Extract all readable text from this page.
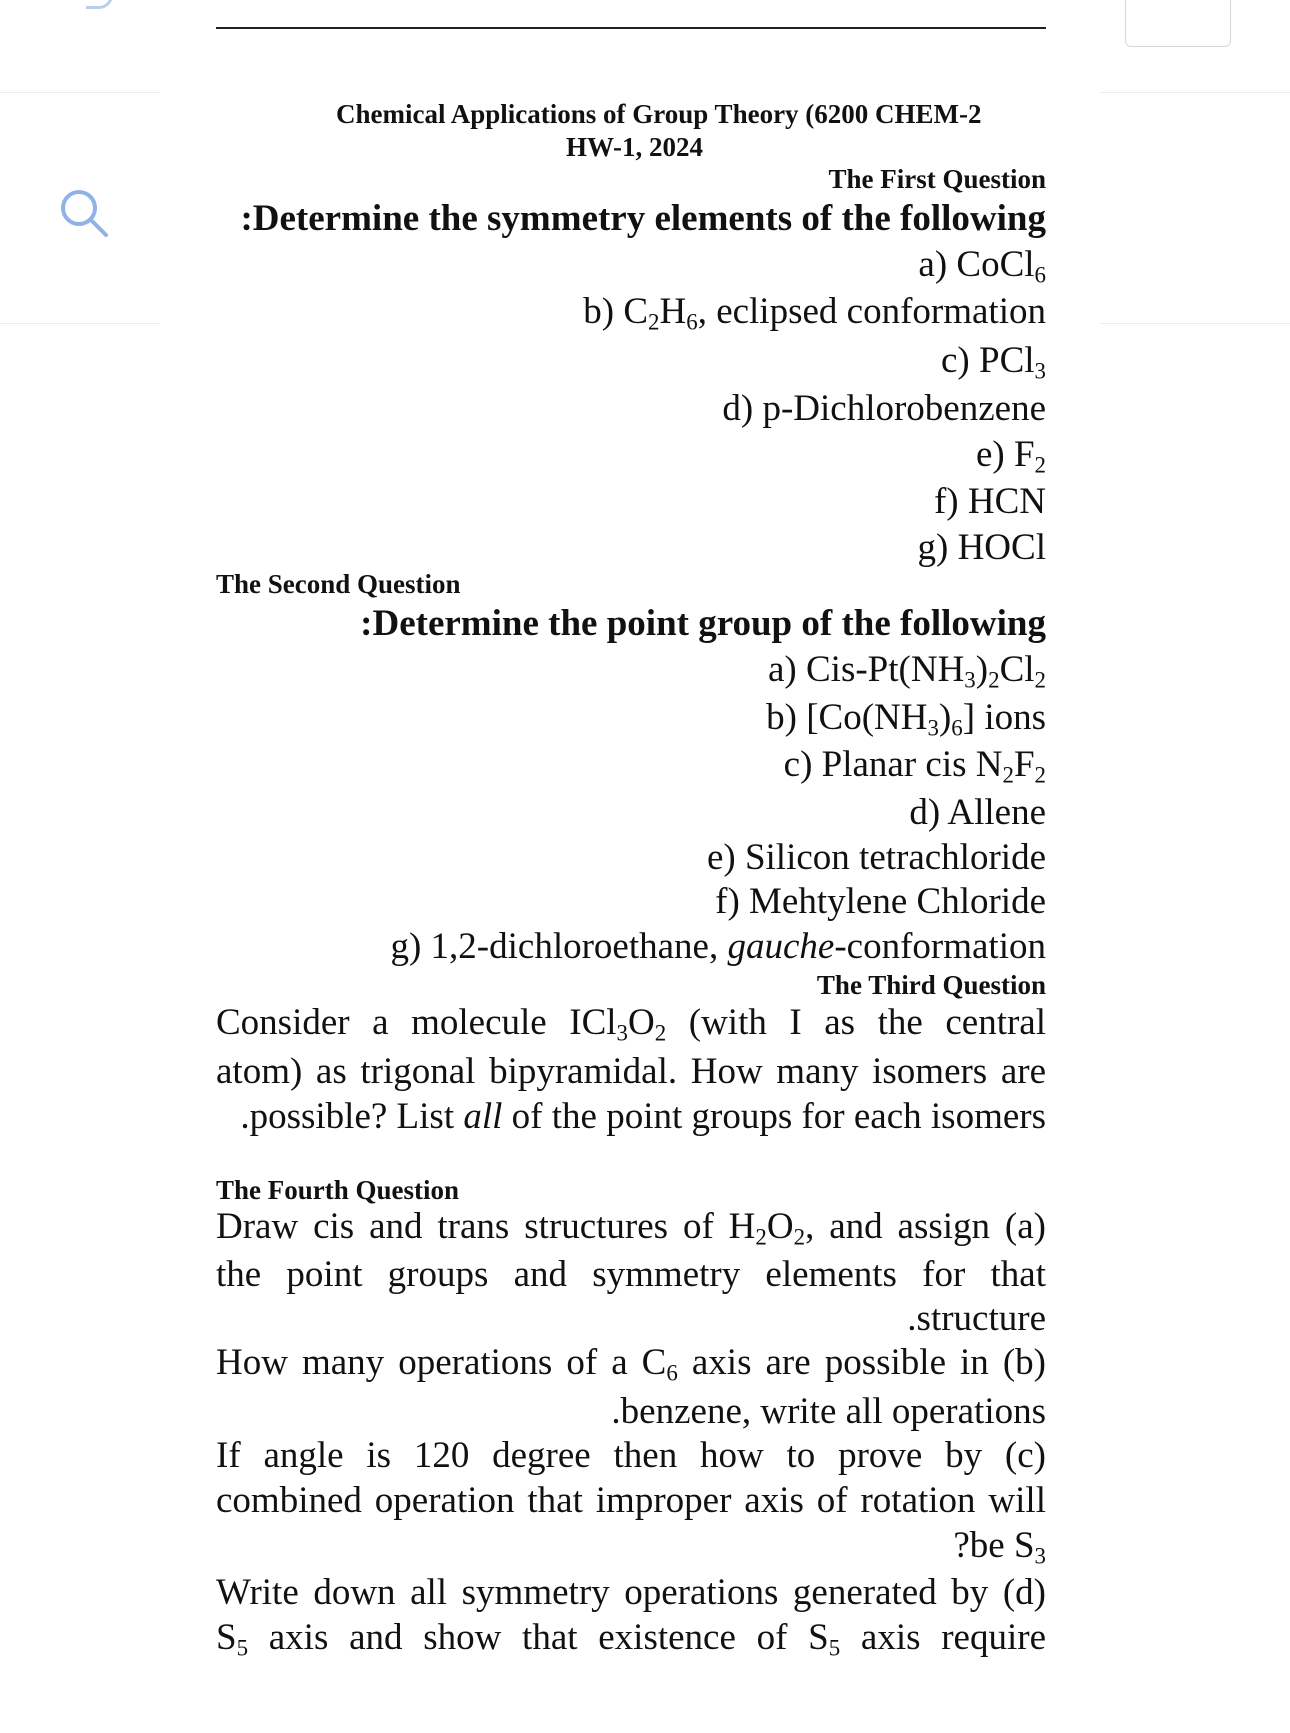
Chemical Applications of Group Theory (6200 CHEM-2
HW-1, 2024
The First Question
:Determine the symmetry elements of the following
a) CoCl$_6$
b) $C_2H_6$, eclipsed conformation
c) PCl$_3$
d) p-Dichlorobenzene
e) $F_2$
f) HCN
g) HOCl
The Second Question
:Determine the point group of the following
a) Cis-$Pt(NH_3)_2Cl_2$
b) $[Co(NH_3)_6]$ ions
c) Planar cis $N_2F_2$
d) Allene
e) Silicon tetrachloride
f) Mehtylene Chloride
g) 1,2-dichloroethane, gauche-conformation
The Third Question
Consider a molecule $ICl_3O_2$ (with I as the central
atom) as trigonal bipyramidal. How many isomers are
.possible? List all of the point groups for each isomers
The Fourth Question
Draw cis and trans structures of $H_2O_2$, and assign (a)
the point groups and symmetry elements for that
.structure
How many operations of a $C_6$ axis are possible in (b)
.benzene, write all operations
If angle is 120 degree then how to prove by (c)
combined operation that improper axis of rotation will
?be $S_3$
Write down all symmetry operations generated by (d)
$S_5$ axis and show that existence of $S_5$ axis require
